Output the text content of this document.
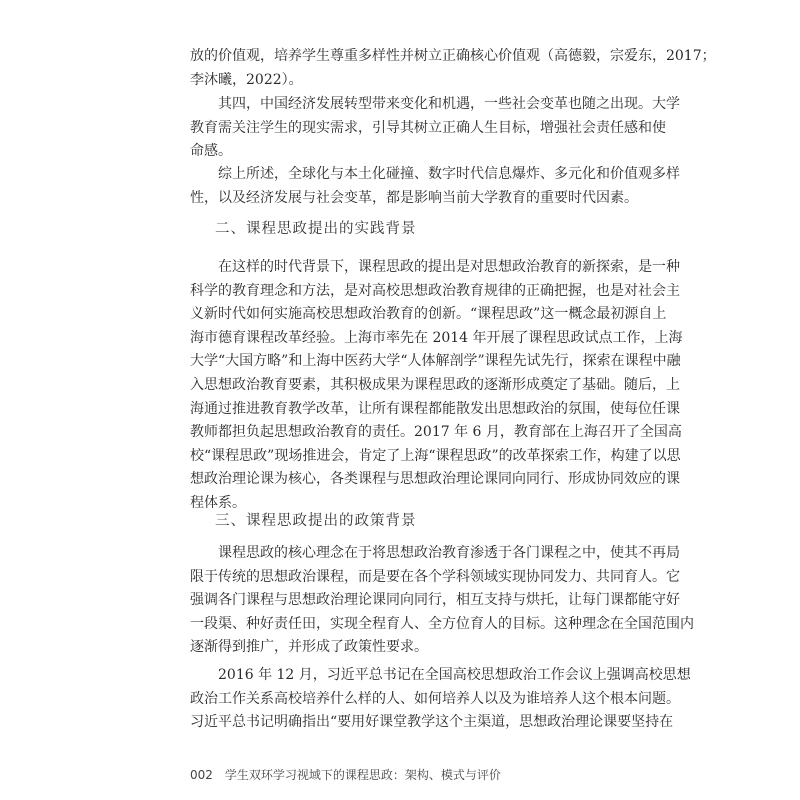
放的价值观，培养学生尊重多样性并树立正确核心价值观（高德毅，宗爱东，2017；
李沐曦，2022）。
其四，中国经济发展转型带来变化和机遇，一些社会变革也随之出现。大学
教育需关注学生的现实需求，引导其树立正确人生目标，增强社会责任感和使
命感。
综上所述，全球化与本土化碰撞、数字时代信息爆炸、多元化和价值观多样
性，以及经济发展与社会变革，都是影响当前大学教育的重要时代因素。
二、课程思政提出的实践背景
在这样的时代背景下，课程思政的提出是对思想政治教育的新探索，是一种
科学的教育理念和方法，是对高校思想政治教育规律的正确把握，也是对社会主
义新时代如何实施高校思想政治教育的创新。“课程思政”这一概念最初源自上
海市德育课程改革经验。上海市率先在 2014 年开展了课程思政试点工作，上海
大学“大国方略”和上海中医药大学“人体解剖学”课程先试先行，探索在课程中融
入思想政治教育要素，其积极成果为课程思政的逐渐形成奠定了基础。随后，上
海通过推进教育教学改革，让所有课程都能散发出思想政治的氛围，使每位任课
教师都担负起思想政治教育的责任。2017 年 6 月，教育部在上海召开了全国高
校“课程思政”现场推进会，肯定了上海“课程思政”的改革探索工作，构建了以思
想政治理论课为核心，各类课程与思想政治理论课同向同行、形成协同效应的课
程体系。
三、课程思政提出的政策背景
课程思政的核心理念在于将思想政治教育渗透于各门课程之中，使其不再局
限于传统的思想政治课程，而是要在各个学科领域实现协同发力、共同育人。它
强调各门课程与思想政治理论课同向同行，相互支持与烘托，让每门课都能守好
一段渠、种好责任田，实现全程育人、全方位育人的目标。这种理念在全国范围内
逐渐得到推广，并形成了政策性要求。
2016 年 12 月，习近平总书记在全国高校思想政治工作会议上强调高校思想
政治工作关系高校培养什么样的人、如何培养人以及为谁培养人这个根本问题。
习近平总书记明确指出“要用好课堂教学这个主渠道，思想政治理论课要坚持在
002 学生双环学习视域下的课程思政：架构、模式与评价
